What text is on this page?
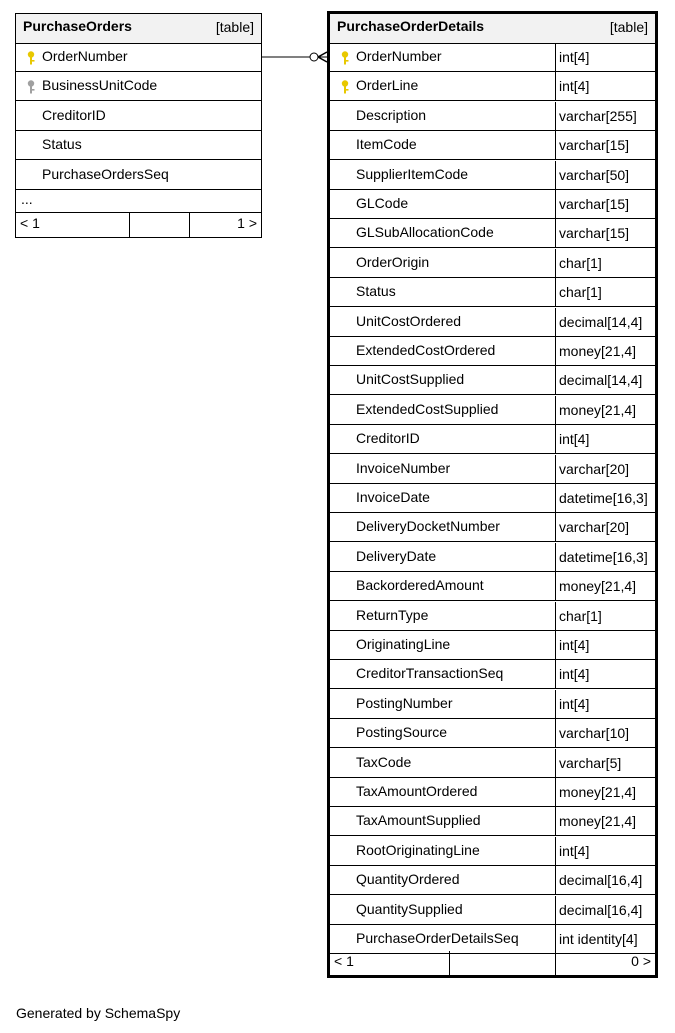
PurchaseOrders	[table]
OrderNumber
BusinessUnitCode
CreditorID
Status
PurchaseOrdersSeq
...
< 1	1 >
PurchaseOrderDetails	[table]
OrderNumber	int[4]
OrderLine	int[4]
Description	varchar[255]
ItemCode	varchar[15]
SupplierItemCode	varchar[50]
GLCode	varchar[15]
GLSubAllocationCode	varchar[15]
OrderOrigin	char[1]
Status	char[1]
UnitCostOrdered	decimal[14,4]
ExtendedCostOrdered	money[21,4]
UnitCostSupplied	decimal[14,4]
ExtendedCostSupplied	money[21,4]
CreditorID	int[4]
InvoiceNumber	varchar[20]
InvoiceDate	datetime[16,3]
DeliveryDocketNumber	varchar[20]
DeliveryDate	datetime[16,3]
BackorderedAmount	money[21,4]
ReturnType	char[1]
OriginatingLine	int[4]
CreditorTransactionSeq	int[4]
PostingNumber	int[4]
PostingSource	varchar[10]
TaxCode	varchar[5]
TaxAmountOrdered	money[21,4]
TaxAmountSupplied	money[21,4]
RootOriginatingLine	int[4]
QuantityOrdered	decimal[16,4]
QuantitySupplied	decimal[16,4]
PurchaseOrderDetailsSeq	int identity[4]
< 1	0 >
Generated by SchemaSpy
